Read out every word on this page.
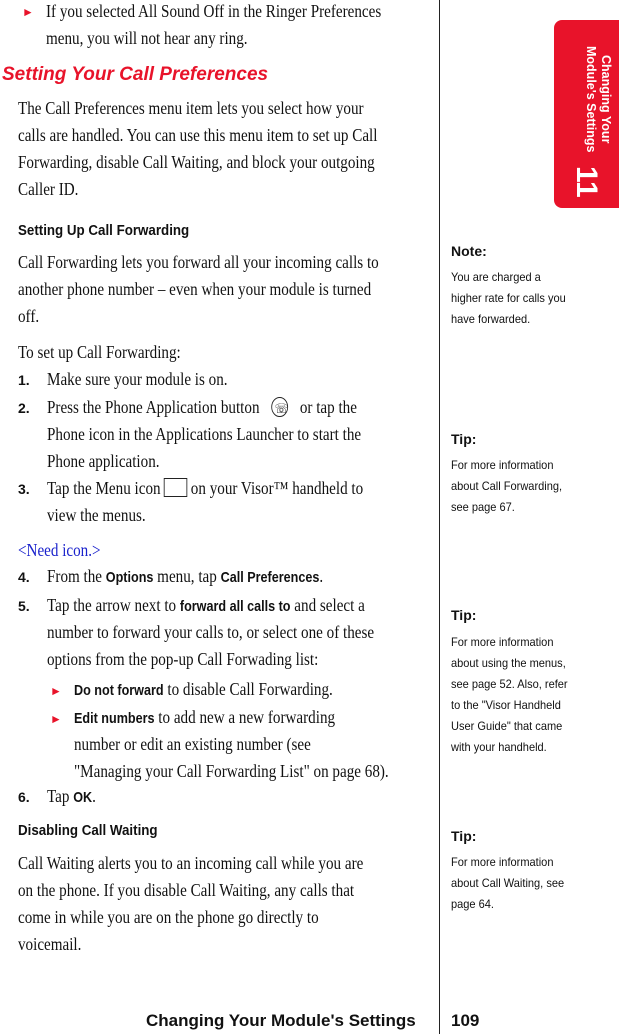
Changing Your
Module's Settings
11
► If you selected All Sound Off in the Ringer Preferences
menu, you will not hear any ring.
Setting Your Call Preferences
The Call Preferences menu item lets you select how your
calls are handled. You can use this menu item to set up Call
Forwarding, disable Call Waiting, and block your outgoing
Caller ID.
Setting Up Call Forwarding
Call Forwarding lets you forward all your incoming calls to
another phone number – even when your module is turned
off.
To set up Call Forwarding:
1. Make sure your module is on.
2. Press the Phone Application button☏ or tap the
Phone icon in the Applications Launcher to start the
Phone application.
3. Tap the Menu icon on your Visor™ handheld to
view the menus.
<Need icon.>
4. From the Options menu, tap Call Preferences.
5. Tap the arrow next to forward all calls to and select a
number to forward your calls to, or select one of these
options from the pop-up Call Forwading list:
► Do not forward to disable Call Forwarding.
► Edit numbers to add new a new forwarding
number or edit an existing number (see
"Managing your Call Forwarding List" on page 68).
6. Tap OK.
Disabling Call Waiting
Call Waiting alerts you to an incoming call while you are
on the phone. If you disable Call Waiting, any calls that
come in while you are on the phone go directly to
voicemail.
Note:
You are charged a
higher rate for calls you
have forwarded.
Tip:
For more information
about Call Forwarding,
see page 67.
Tip:
For more information
about using the menus,
see page 52. Also, refer
to the "Visor Handheld
User Guide" that came
with your handheld.
Tip:
For more information
about Call Waiting, see
page 64.
Changing Your Module's Settings 109
